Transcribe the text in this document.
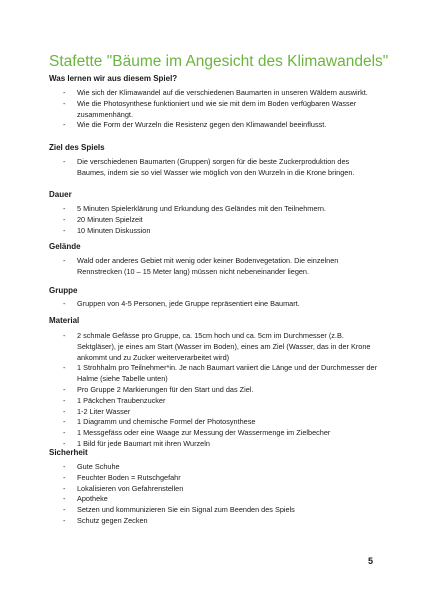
Stafette "Bäume im Angesicht des Klimawandels"
Was lernen wir aus diesem Spiel?
- Wie sich der Klimawandel auf die verschiedenen Baumarten in unseren Wäldern auswirkt.
- Wie die Photosynthese funktioniert und wie sie mit dem im Boden verfügbaren Wasser zusammenhängt.
- Wie die Form der Wurzeln die Resistenz gegen den Klimawandel beeinflusst.
Ziel des Spiels
- Die verschiedenen Baumarten (Gruppen) sorgen für die beste Zuckerproduktion des Baumes, indem sie so viel Wasser wie möglich von den Wurzeln in die Krone bringen.
Dauer
- 5 Minuten Spielerklärung und Erkundung des Geländes mit den Teilnehmern.
- 20 Minuten Spielzeit
- 10 Minuten Diskussion
Gelände
- Wald oder anderes Gebiet mit wenig oder keiner Bodenvegetation. Die einzelnen Rennstrecken (10 – 15 Meter lang) müssen nicht nebeneinander liegen.
Gruppe
- Gruppen von 4-5 Personen, jede Gruppe repräsentiert eine Baumart.
Material
- 2 schmale Gefässe pro Gruppe, ca. 15cm hoch und ca. 5cm im Durchmesser (z.B. Sektgläser), je eines am Start (Wasser im Boden), eines am Ziel (Wasser, das in der Krone ankommt und zu Zucker weiterverarbeitet wird)
- 1 Strohhalm pro Teilnehmer*in. Je nach Baumart variiert die Länge und der Durchmesser der Halme (siehe Tabelle unten)
- Pro Gruppe 2 Markierungen für den Start und das Ziel.
- 1 Päckchen Traubenzucker
- 1-2 Liter Wasser
- 1 Diagramm und chemische Formel der Photosynthese
- 1 Messgefäss oder eine Waage zur Messung der Wassermenge im Zielbecher
- 1 Bild für jede Baumart mit ihren Wurzeln
Sicherheit
- Gute Schuhe
- Feuchter Boden = Rutschgefahr
- Lokalisieren von Gefahrenstellen
- Apotheke
- Setzen und kommunizieren Sie ein Signal zum Beenden des Spiels
- Schutz gegen Zecken
5
